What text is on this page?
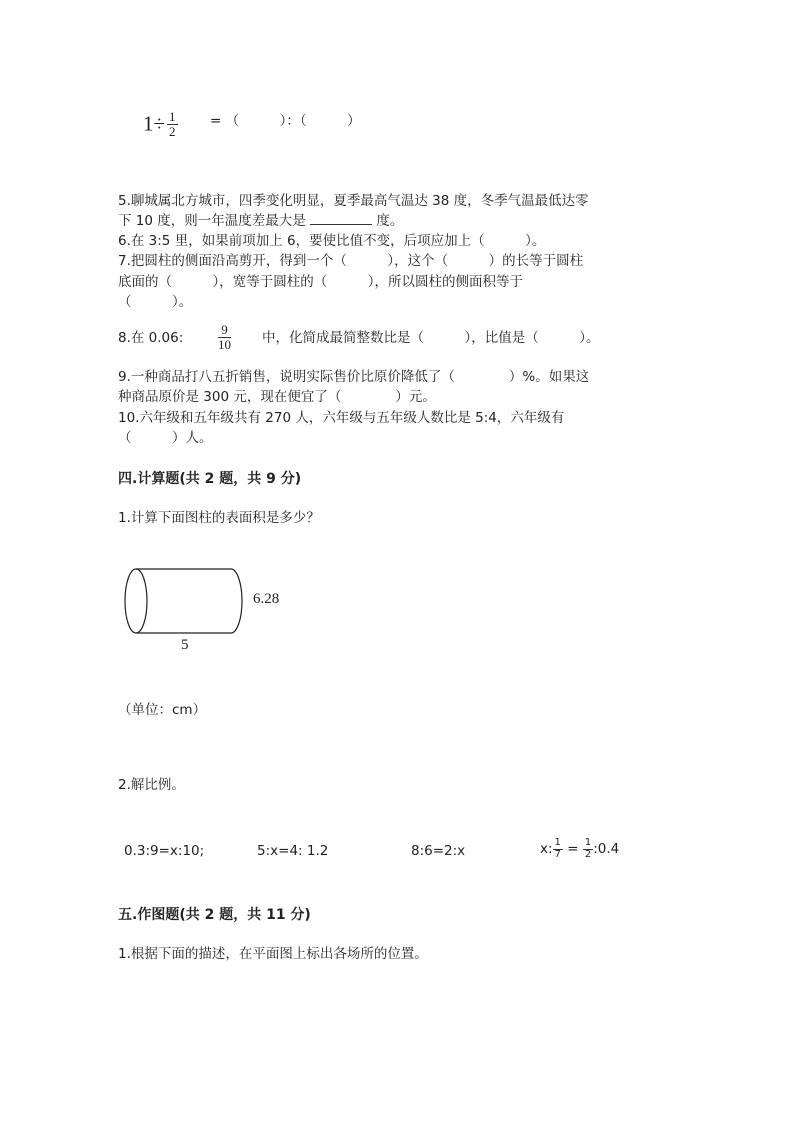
$1\div \frac{1}{2}$ = （　　　）：（　　　）
5.聊城属北方城市，四季变化明显，夏季最高气温达 38 度，冬季气温最低达零
下 10 度，则一年温度差最大是	度。
6.在 3:5 里，如果前项加上 6，要使比值不变，后项应加上（　　　）。
7.把圆柱的侧面沿高剪开，得到一个（　　　），这个（　　　）的长等于圆柱
底面的（　　　），宽等于圆柱的（　　　），所以圆柱的侧面积等于
（　　　）。
8.在 0.06:	$\frac{9}{10}$ 中，化简成最简整数比是（　　　），比值是（　　　）。
9.一种商品打八五折销售，说明实际售价比原价降低了（　　　　）%。如果这
种商品原价是 300 元，现在便宜了（　　　　）元。
10.六年级和五年级共有 270 人，六年级与五年级人数比是 5:4，六年级有
（　　　）人。
四.计算题(共 2 题，共 9 分)
1.计算下面图柱的表面积是多少？
6.28
5
（单位：cm）
2.解比例。
0.3:9=x:10;	5:x=4: 1.2	8:6=2:x	x: $\frac{1}{7} = \frac{1}{2}$ :0.4
五.作图题(共 2 题，共 11 分)
1.根据下面的描述，在平面图上标出各场所的位置。
